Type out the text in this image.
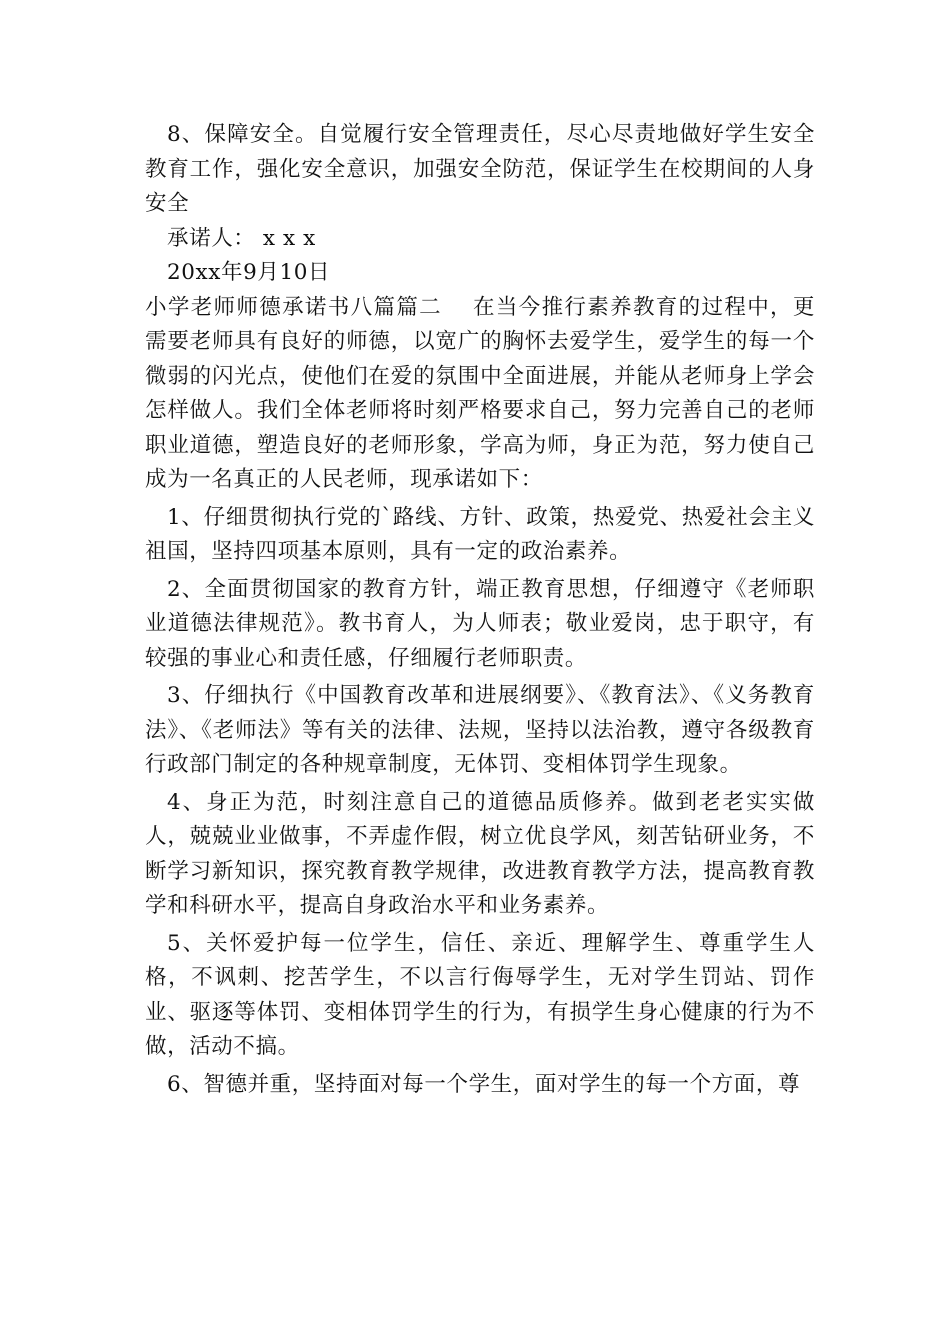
8、保障安全。自觉履行安全管理责任，尽心尽责地做好学生安全教育工作，强化安全意识，加强安全防范，保证学生在校期间的人身安全

承诺人： x x x

20xx年9月10日

小学老师师德承诺书八篇篇二　 在当今推行素养教育的过程中，更需要老师具有良好的师德，以宽广的胸怀去爱学生，爱学生的每一个微弱的闪光点，使他们在爱的氛围中全面进展，并能从老师身上学会怎样做人。我们全体老师将时刻严格要求自己，努力完善自己的老师职业道德，塑造良好的老师形象，学高为师，身正为范，努力使自己成为一名真正的人民老师，现承诺如下：

1、仔细贯彻执行党的`路线、方针、政策，热爱党、热爱社会主义祖国，坚持四项基本原则，具有一定的政治素养。

2、全面贯彻国家的教育方针，端正教育思想，仔细遵守《老师职业道德法律规范》。教书育人，为人师表；敬业爱岗，忠于职守，有较强的事业心和责任感，仔细履行老师职责。

3、仔细执行《中国教育改革和进展纲要》、《教育法》、《义务教育法》、《老师法》等有关的法律、法规，坚持以法治教，遵守各级教育行政部门制定的各种规章制度，无体罚、变相体罚学生现象。

4、身正为范，时刻注意自己的道德品质修养。做到老老实实做人，兢兢业业做事，不弄虚作假，树立优良学风，刻苦钻研业务，不断学习新知识，探究教育教学规律，改进教育教学方法，提高教育教学和科研水平，提高自身政治水平和业务素养。

5、关怀爱护每一位学生，信任、亲近、理解学生、尊重学生人格，不讽刺、挖苦学生，不以言行侮辱学生，无对学生罚站、罚作业、驱逐等体罚、变相体罚学生的行为，有损学生身心健康的行为不做，活动不搞。

6、智德并重，坚持面对每一个学生，面对学生的每一个方面，尊
